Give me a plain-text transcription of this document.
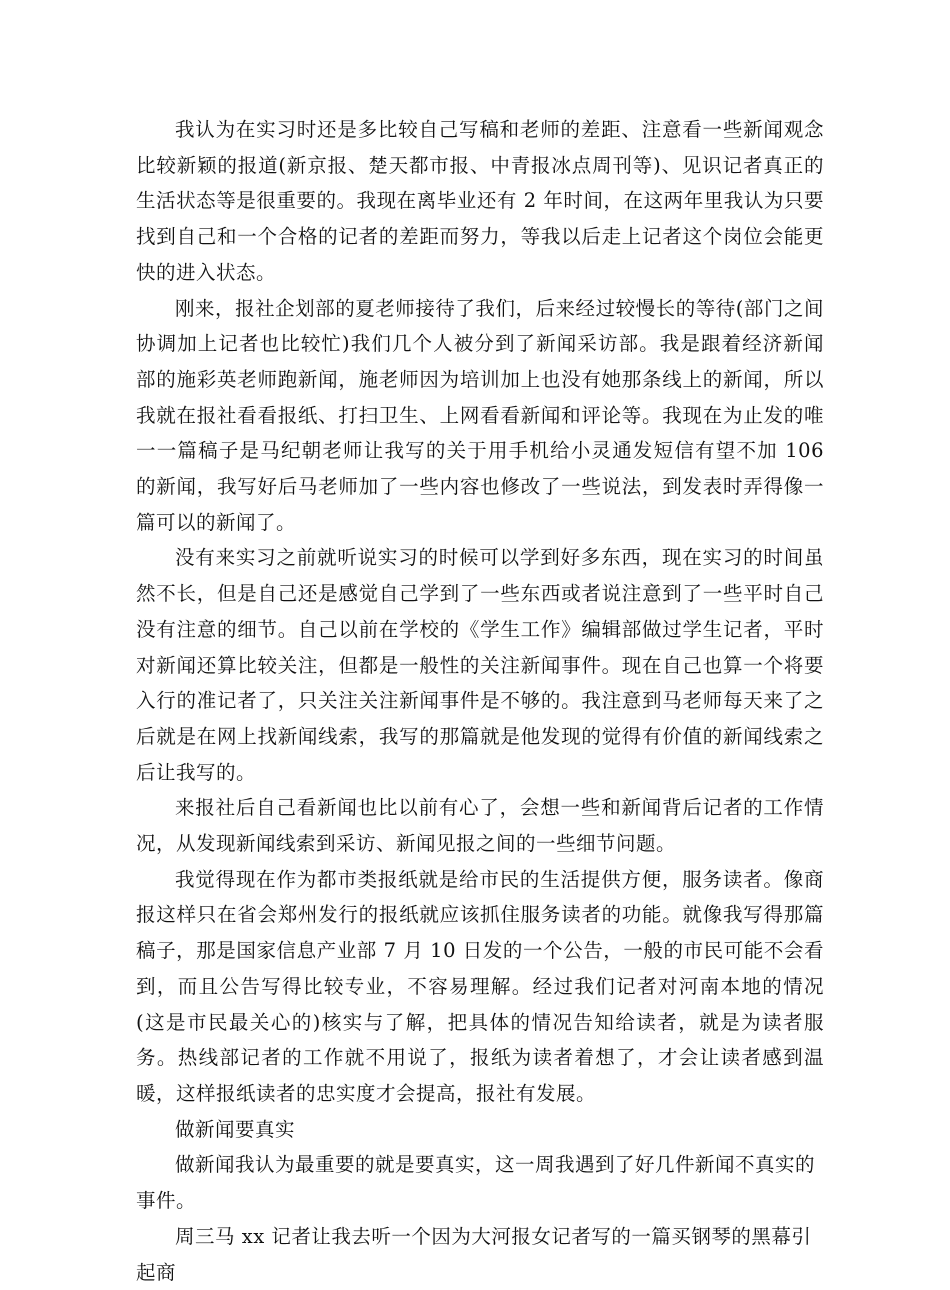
我认为在实习时还是多比较自己写稿和老师的差距、注意看一些新闻观念比较新颖的报道(新京报、楚天都市报、中青报冰点周刊等)、见识记者真正的生活状态等是很重要的。我现在离毕业还有 2 年时间，在这两年里我认为只要找到自己和一个合格的记者的差距而努力，等我以后走上记者这个岗位会能更快的进入状态。

刚来，报社企划部的夏老师接待了我们，后来经过较慢长的等待(部门之间协调加上记者也比较忙)我们几个人被分到了新闻采访部。我是跟着经济新闻部的施彩英老师跑新闻，施老师因为培训加上也没有她那条线上的新闻，所以我就在报社看看报纸、打扫卫生、上网看看新闻和评论等。我现在为止发的唯一一篇稿子是马纪朝老师让我写的关于用手机给小灵通发短信有望不加 106 的新闻，我写好后马老师加了一些内容也修改了一些说法，到发表时弄得像一篇可以的新闻了。

没有来实习之前就听说实习的时候可以学到好多东西，现在实习的时间虽然不长，但是自己还是感觉自己学到了一些东西或者说注意到了一些平时自己没有注意的细节。自己以前在学校的《学生工作》编辑部做过学生记者，平时对新闻还算比较关注，但都是一般性的关注新闻事件。现在自己也算一个将要入行的准记者了，只关注关注新闻事件是不够的。我注意到马老师每天来了之后就是在网上找新闻线索，我写的那篇就是他发现的觉得有价值的新闻线索之后让我写的。

来报社后自己看新闻也比以前有心了，会想一些和新闻背后记者的工作情况，从发现新闻线索到采访、新闻见报之间的一些细节问题。

我觉得现在作为都市类报纸就是给市民的生活提供方便，服务读者。像商报这样只在省会郑州发行的报纸就应该抓住服务读者的功能。就像我写得那篇稿子，那是国家信息产业部 7 月 10 日发的一个公告，一般的市民可能不会看到，而且公告写得比较专业，不容易理解。经过我们记者对河南本地的情况(这是市民最关心的)核实与了解，把具体的情况告知给读者，就是为读者服务。热线部记者的工作就不用说了，报纸为读者着想了，才会让读者感到温暖，这样报纸读者的忠实度才会提高，报社有发展。

做新闻要真实

做新闻我认为最重要的就是要真实，这一周我遇到了好几件新闻不真实的事件。

周三马 xx 记者让我去听一个因为大河报女记者写的一篇买钢琴的黑幕引起商
